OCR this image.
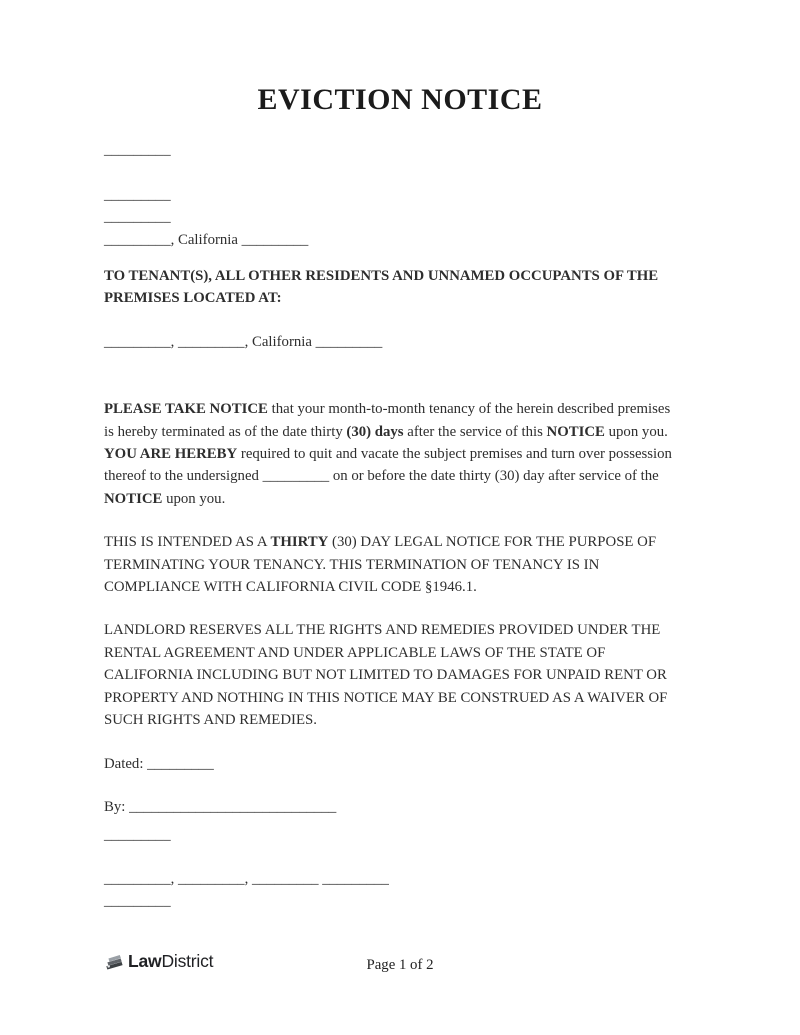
EVICTION NOTICE
_________
_________
_________
_________, California _________

TO TENANT(S), ALL OTHER RESIDENTS AND UNNAMED OCCUPANTS OF THE PREMISES LOCATED AT:

_________, _________, California _________

PLEASE TAKE NOTICE that your month-to-month tenancy of the herein described premises is hereby terminated as of the date thirty (30) days after the service of this NOTICE upon you. YOU ARE HEREBY required to quit and vacate the subject premises and turn over possession thereof to the undersigned _________ on or before the date thirty (30) day after service of the NOTICE upon you.

THIS IS INTENDED AS A THIRTY (30) DAY LEGAL NOTICE FOR THE PURPOSE OF TERMINATING YOUR TENANCY. THIS TERMINATION OF TENANCY IS IN COMPLIANCE WITH CALIFORNIA CIVIL CODE §1946.1.

LANDLORD RESERVES ALL THE RIGHTS AND REMEDIES PROVIDED UNDER THE RENTAL AGREEMENT AND UNDER APPLICABLE LAWS OF THE STATE OF CALIFORNIA INCLUDING BUT NOT LIMITED TO DAMAGES FOR UNPAID RENT OR PROPERTY AND NOTHING IN THIS NOTICE MAY BE CONSTRUED AS A WAIVER OF SUCH RIGHTS AND REMEDIES.

Dated: _________

By: ____________________________

_________

_________, _________, _________ _________
_________

Law District	Page 1 of 2
